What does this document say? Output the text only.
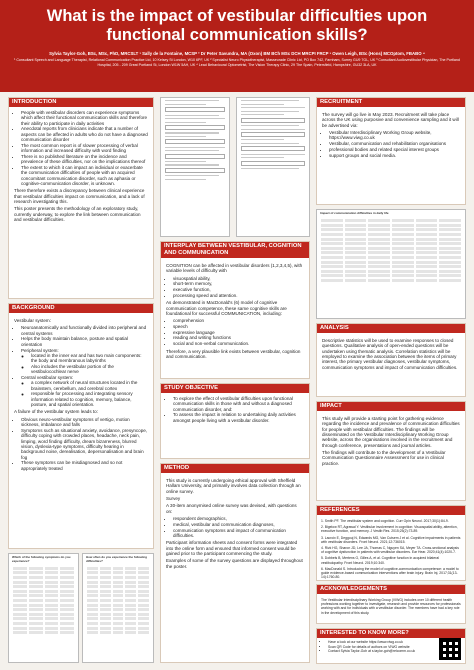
What is the impact of vestibular difficulties upon functional communication skills?
Sylvia Taylor-Goh, BSc, MSc, PhD, MRCSLT ¹ Sally de la Fontaine, MCSP ² Dr Peter Savundra, MA (Oxon) BM BCh MSc DCH MRCPI FRCP ³ Owen Leigh, BSc (Hons) MCOptom, FBABO ⁴
¹ Consultant Speech and Language Therapist, Relational Communication Practice Ltd, 10 Kelsey St London, W10 6PF, UK ² Specialist Neuro Physiotherapist, Masseurade Clinic Ltd, PO Box 742, Farnham, Surrey GU9 7GL, UK ³ Consultant Audiovestibular Physician, The Portland Hospital, 205 - 209 Great Portland St, London W1W 5AH, UK ⁴ Lead Behavioural Optometrist, The Vision Therapy Clinic, 29 The Spain, Petersfield, Hampshire, GU32 3LA, UK
INTRODUCTION
• People with vestibular disorders can experience symptoms which affect their functional communication skills and therefore their ability to participate in daily activities
• Anecdotal reports from clinicians indicate that a number of aspects can be affected in adults who do not have a diagnosed communication disorder
• The most common report is of slower processing of verbal information and increased difficulty with word finding
• There is no published literature on the incidence and prevalence of these difficulties, nor on the implications thereof
• The extent to which it can impact an individual or exacerbate the communication difficulties of people with an acquired concomitant communication disorder, such as aphasia or cognitive-communication disorder, is unknown.

There therefore exists a discrepancy between clinical experience that vestibular difficulties impact on communication, and a lack of research investigating this.

This poster presents the methodology of an exploratory study, currently underway, to explore the link between communication and vestibular difficulties.

BACKGROUND

Vestibular system:

• Neuroanatomically and functionally divided into peripheral and central systems
• Helps the body maintain balance, posture and spatial orientation
• Peripheral system:
◦ located in the inner ear and has two main components: the body and membranous labyrinths
◦ Also includes the vestibular portion of the vestibulocochlear nerve
• Central vestibular system:
◦ a complex network of neural structures located in the brainstem, cerebellum, and cerebral cortex
◦ responsible for processing and integrating sensory information related to cognition, memory, balance, posture, and spatial orientation.

A failure of the vestibular system leads to:

• Obvious neuro-vestibular symptoms of vertigo, motion sickness, imbalance and falls
• Symptoms such as situational anxiety, avoidance, presyncope, difficulty coping with crowded places, headache, neck pain, limping, word finding difficulty, dream bizarreness, blurred vision, dyslexia-type symptoms, difficulty hearing in background noise, derealisation, depersonalisation and brain fog
• These symptoms can be misdiagnosed and so not appropriately treated
Which of the following symptoms do you experience?
How often do you experience the following difficulties?
INTERPLAY BETWEEN VESTIBULAR, COGNITION AND COMMUNICATION

COGNITION can be affected in vestibular disorders (1,2,3,4,5), with variable levels of difficulty with

• visuospatial ability,
• short-term memory,
• executive function,
• processing speed and attention.

As demonstrated in MacDonald's (6) model of cognitive communication competence, these same cognitive skills are foundational for successful COMMUNICATION, including:

• comprehension
• speech
• expressive language
• reading and writing functions
• social and non-verbal communication.

Therefore, a very plausible link exists between vestibular, cognition and communication.

STUDY OBJECTIVE
• To explore the effect of vestibular difficulties upon functional communication skills in those with and without a diagnosed communication disorder, and:
• To assess the impact in relation to undertaking daily activities amongst people living with a vestibular disorder.
METHOD

This study is currently undergoing ethical approval with Sheffield Hallam University, and primarily involves data collection through an online survey.

Survey

A 30-item anonymised online survey was devised, with questions on:

• respondent demographics,
• medical, vestibular and communication diagnoses,
• communication symptoms and impact of communication difficulties.

Participant information sheets and consent forms were integrated into the online form and ensured that informed consent would be gained prior to the participant commencing the study.

Examples of some of the survey questions are displayed throughout the poster.

RECRUITMENT

The survey will go live in May 2023. Recruitment will take place across the UK using purposive and convenience sampling and it will be advertised via:

• Vestibular Interdisciplinary Working Group website, https://www.viwg.co.uk
• Vestibular, communication and rehabilitation organisations
• professional bodies and related special interest groups
• support groups and social media.
Impact of communication difficulties in daily life
ANALYSIS

Descriptive statistics will be used to examine responses to closed questions. Qualitative analysis of open-ended questions will be undertaken using thematic analysis. Correlation statistics will be employed to examine the association between the items of primary interest, the primary vestibular diagnoses, vestibular symptoms, communication symptoms and impact of communication difficulties.

IMPACT

This study will provide a starting point for gathering evidence regarding the incidence and prevalence of communication difficulties for people with vestibular difficulties. The findings will be disseminated on the Vestibular Interdisciplinary Working Group website, across the organisations involved in the recruitment and through conference, presentations and journal articles.

The findings will contribute to the development of a Vestibular Communication Questionnaire Assessment for use in clinical practice.

REFERENCES

1. Smith PF. The vestibular system and cognition. Curr Opin Neurol. 2017;30(1):84-9.

2. Bigelow RT, Agrawal Y. Vestibular involvement in cognition: Visuospatial ability, attention, executive function, and memory. J Vestib Res. 2015;25(2):73-89.

3. Lacroix E, Deggouj N, Edwards MG, Van Cutsem J et al. Cognitive impairments in patients with vestibular disorders. Front Neurol. 2021;12:736015.

4. Rizk HG, Sharon JD, Lee JA, Thomas C, Nguyen SA, Meyer TA. Cross-sectional analysis of cognitive dysfunction in patients with vestibular disorders. Ear Hear. 2020;41(4):1020-7.

5. Dobbels B, Mertens G, Gilles A, et al. Cognitive function in acquired bilateral vestibulopathy. Front Neurol. 2019;10:340.

6. MacDonald S. Introducing the model of cognitive-communication competence: a model to guide evidence-based communication interventions after brain injury. Brain Inj. 2017;31(13-14):1760-80.

ACKNOWLEDGEMENTS

The Vestibular Interdisciplinary Working Group (VIWG) includes over 10 different health professions working together to investigate, research and provide resources for professionals working with and for individuals with a vestibular disorder. The members have had a key role in the development of this study.

INTERESTED TO KNOW MORE?
• Have a look at our website https://www.viwg.co.uk
• Scan QR Code for details of authors on VIWG website
• Contact Sylvia Taylor-Goh at s.taylor-goh@relcomm.co.uk
